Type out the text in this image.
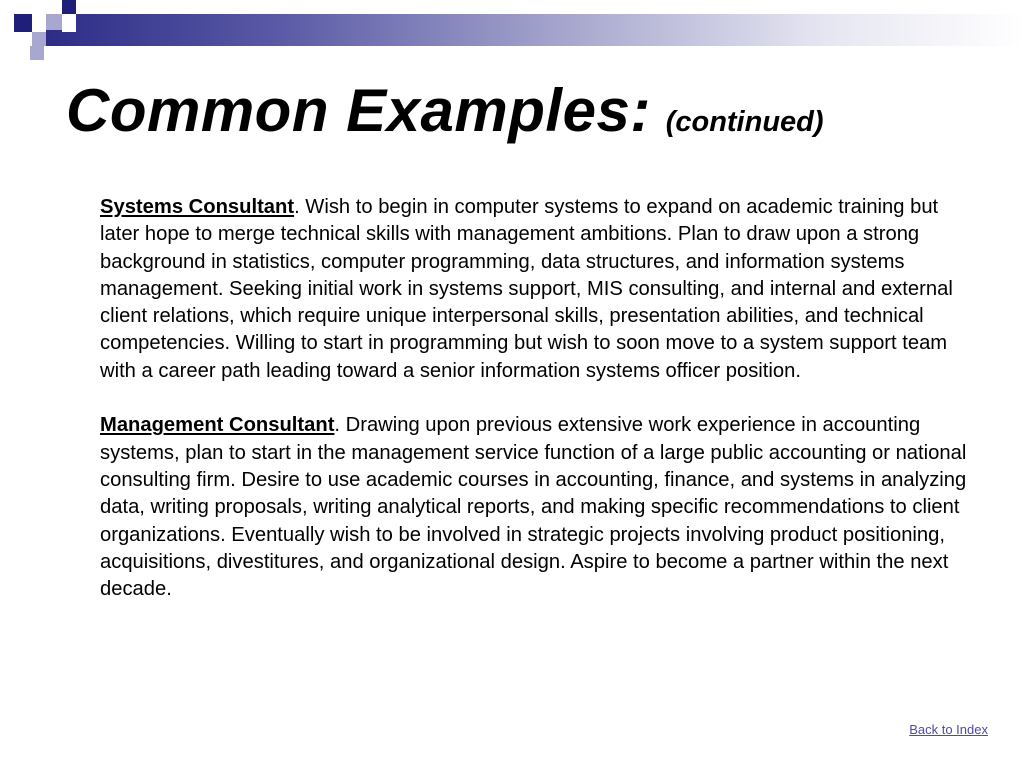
Common Examples: (continued)

Systems Consultant. Wish to begin in computer systems to expand on academic training but later hope to merge technical skills with management ambitions. Plan to draw upon a strong background in statistics, computer programming, data structures, and information systems management. Seeking initial work in systems support, MIS consulting, and internal and external client relations, which require unique interpersonal skills, presentation abilities, and technical competencies. Willing to start in programming but wish to soon move to a system support team with a career path leading toward a senior information systems officer position.

Management Consultant. Drawing upon previous extensive work experience in accounting systems, plan to start in the management service function of a large public accounting or national consulting firm. Desire to use academic courses in accounting, finance, and systems in analyzing data, writing proposals, writing analytical reports, and making specific recommendations to client organizations. Eventually wish to be involved in strategic projects involving product positioning, acquisitions, divestitures, and organizational design. Aspire to become a partner within the next decade.

Back to Index
